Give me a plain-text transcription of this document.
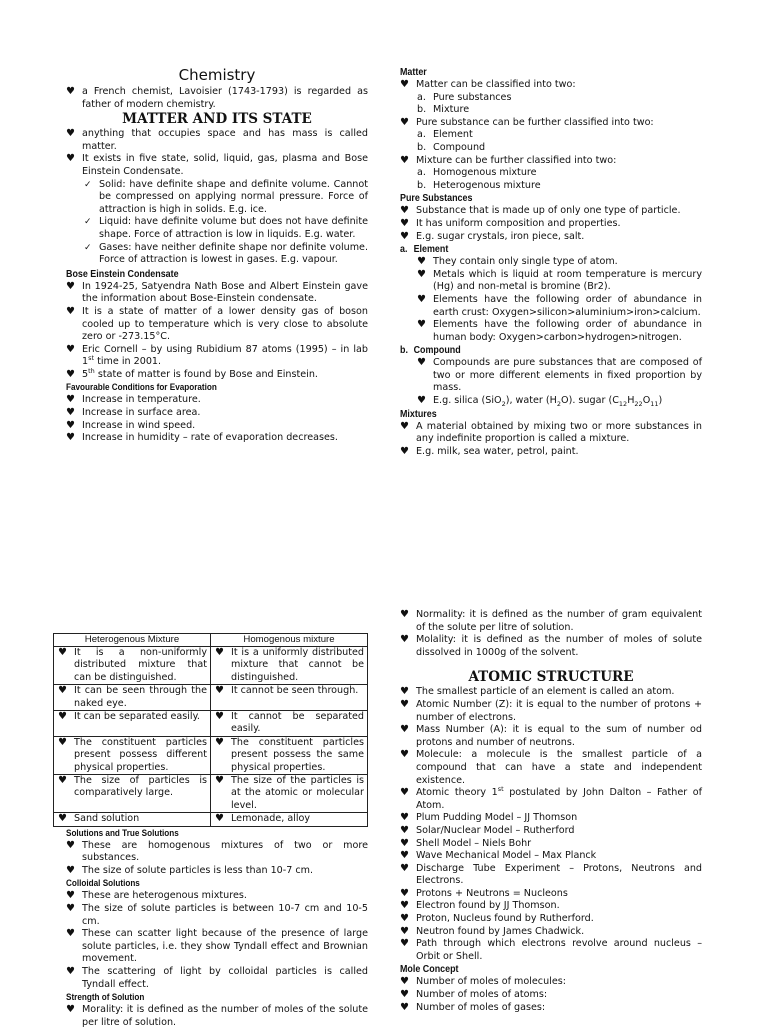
Chemistry
♥ a French chemist, Lavoisier (1743-1793) is regarded as father of modern chemistry.
MATTER AND ITS STATE
♥ anything that occupies space and has mass is called matter.
♥ It exists in five state, solid, liquid, gas, plasma and Bose Einstein Condensate.
✓ Solid: have definite shape and definite volume. Cannot be compressed on applying normal pressure. Force of attraction is high in solids. E.g. ice.
✓ Liquid: have definite volume but does not have definite shape. Force of attraction is low in liquids. E.g. water.
✓ Gases: have neither definite shape nor definite volume. Force of attraction is lowest in gases. E.g. vapour.
Bose Einstein Condensate
♥ In 1924-25, Satyendra Nath Bose and Albert Einstein gave the information about Bose-Einstein condensate.
♥ It is a state of matter of a lower density gas of boson cooled up to temperature which is very close to absolute zero or -273.15°C.
♥ Eric Cornell – by using Rubidium 87 atoms (1995) – in lab 1st time in 2001.
♥ 5th state of matter is found by Bose and Einstein.
Favourable Conditions for Evaporation
♥ Increase in temperature.
♥ Increase in surface area.
♥ Increase in wind speed.
♥ Increase in humidity – rate of evaporation decreases.
Matter
♥ Matter can be classified into two:
a. Pure substances
b. Mixture
♥ Pure substance can be further classified into two:
a. Element
b. Compound
♥ Mixture can be further classified into two:
a. Homogenous mixture
b. Heterogenous mixture
Pure Substances
♥ Substance that is made up of only one type of particle.
♥ It has uniform composition and properties.
♥ E.g. sugar crystals, iron piece, salt.
a. Element
♥ They contain only single type of atom.
♥ Metals which is liquid at room temperature is mercury (Hg) and non-metal is bromine (Br2).
♥ Elements have the following order of abundance in earth crust: Oxygen>silicon>aluminium>iron>calcium.
♥ Elements have the following order of abundance in human body: Oxygen>carbon>hydrogen>nitrogen.
b. Compound
♥ Compounds are pure substances that are composed of two or more different elements in fixed proportion by mass.
♥ E.g. silica (SiO$_2$), water $(H_2O)$. sugar $(C_{12}H_{22}O_{11})$
Mixtures
♥ A material obtained by mixing two or more substances in any indefinite proportion is called a mixture.
♥ E.g. milk, sea water, petrol, paint.
Heterogenous Mixture	Homogenous mixture
♥ It is a non-uniformly distributed mixture that can be distinguished.	♥ It is a uniformly distributed mixture that cannot be distinguished.
♥ It can be seen through the naked eye.	♥ It cannot be seen through.
♥ It can be separated easily.	♥ It cannot be separated easily.
♥ The constituent particles present possess different physical properties.	♥ The constituent particles present possess the same physical properties.
♥ The size of particles is comparatively large.	♥ The size of the particles is at the atomic or molecular level.
♥ Sand solution	♥ Lemonade, alloy
Solutions and True Solutions
♥ These are homogenous mixtures of two or more substances.
♥ The size of solute particles is less than 10-7 cm.
Colloidal Solutions
♥ These are heterogenous mixtures.
♥ The size of solute particles is between 10-7 cm and 10-5 cm.
♥ These can scatter light because of the presence of large solute particles, i.e. they show Tyndall effect and Brownian movement.
♥ The scattering of light by colloidal particles is called Tyndall effect.
Strength of Solution
♥ Morality: it is defined as the number of moles of the solute per litre of solution.
♥ Normality: it is defined as the number of gram equivalent of the solute per litre of solution.
♥ Molality: it is defined as the number of moles of solute dissolved in 1000g of the solvent.
ATOMIC STRUCTURE
♥ The smallest particle of an element is called an atom.
♥ Atomic Number (Z): it is equal to the number of protons + number of electrons.
♥ Mass Number (A): it is equal to the sum of number od protons and number of neutrons.
♥ Molecule: a molecule is the smallest particle of a compound that can have a state and independent existence.
♥ Atomic theory 1st postulated by John Dalton – Father of Atom.
♥ Plum Pudding Model – JJ Thomson
♥ Solar/Nuclear Model – Rutherford
♥ Shell Model – Niels Bohr
♥ Wave Mechanical Model – Max Planck
♥ Discharge Tube Experiment – Protons, Neutrons and Electrons.
♥ Protons + Neutrons = Nucleons
♥ Electron found by JJ Thomson.
♥ Proton, Nucleus found by Rutherford.
♥ Neutron found by James Chadwick.
♥ Path through which electrons revolve around nucleus – Orbit or Shell.
Mole Concept
♥ Number of moles of molecules:
♥ Number of moles of atoms:
♥ Number of moles of gases:
